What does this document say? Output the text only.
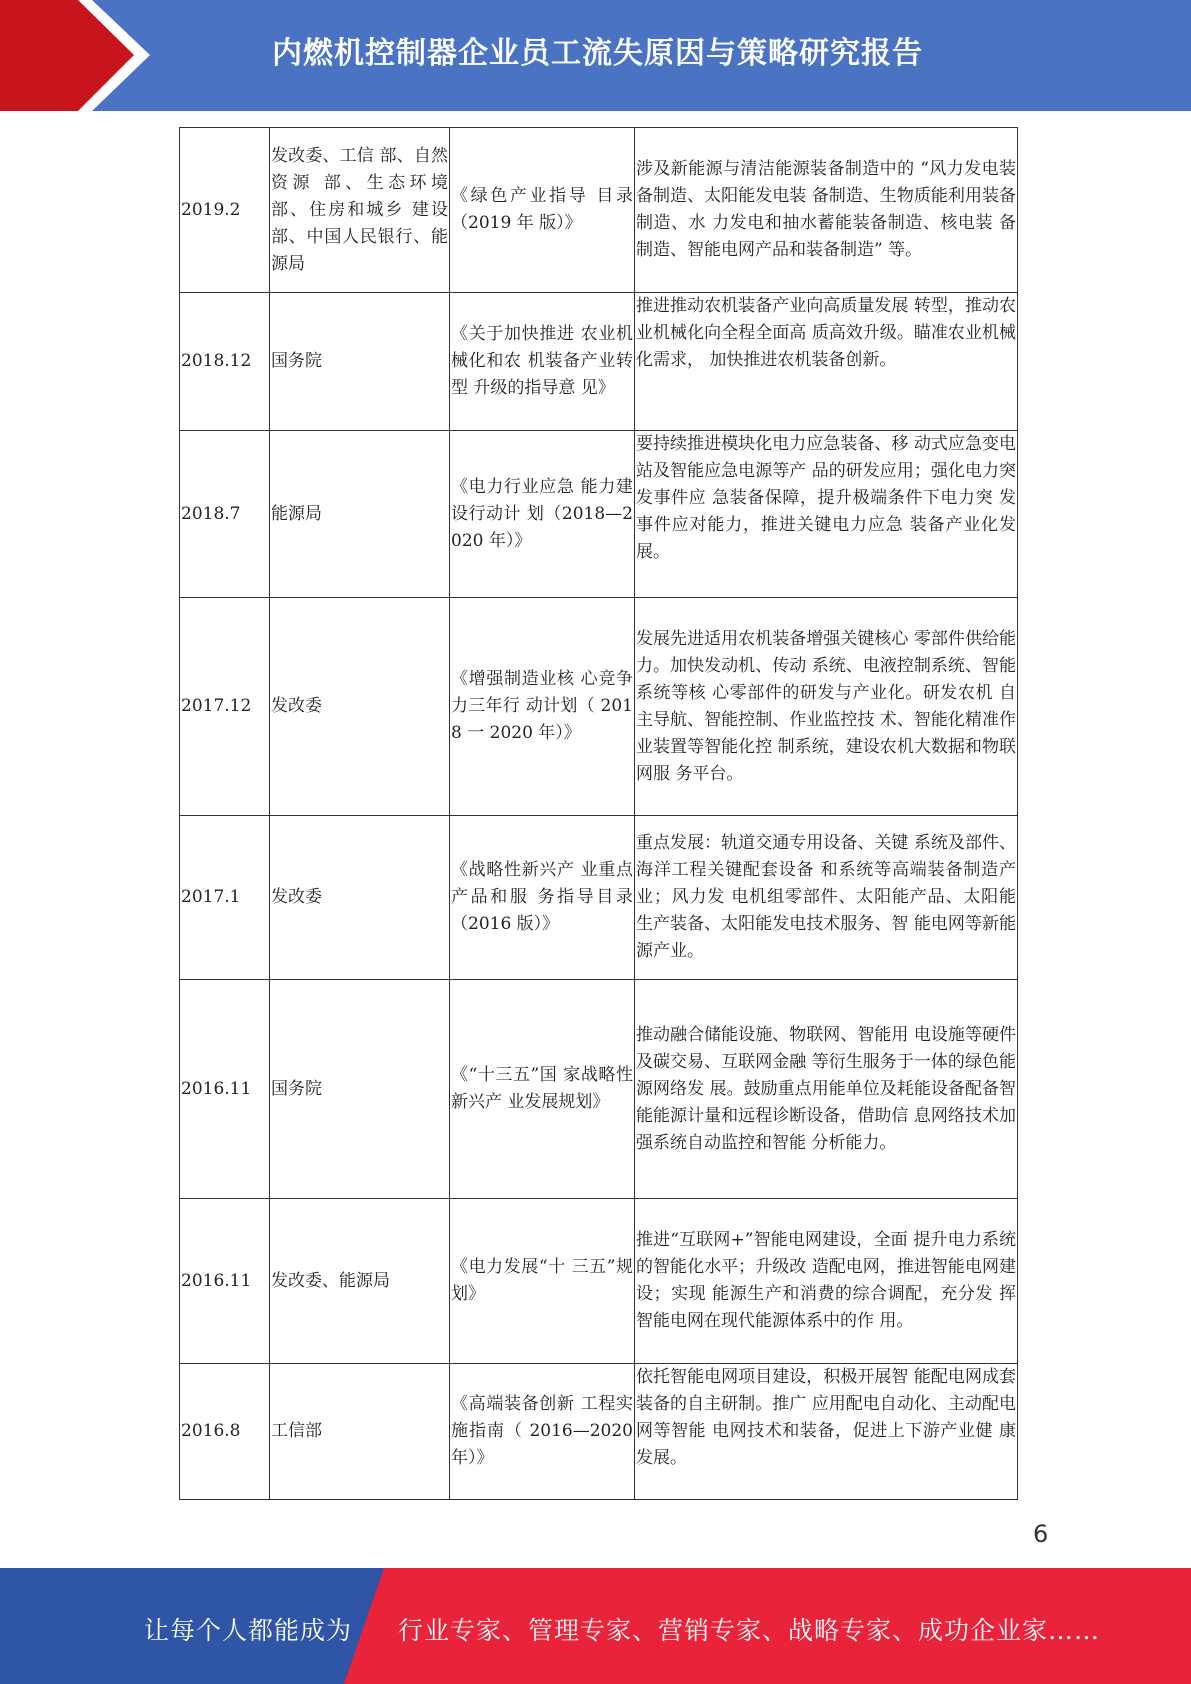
内燃机控制器企业员工流失原因与策略研究报告
2019.2	发改委、工信 部、自然资源 部、生态环境 部、住房和城乡 建设部、中国人民银行、能源局	《绿色产业指导 目录（2019 年 版）》	涉及新能源与清洁能源装备制造中的 “风力发电装备制造、太阳能发电装 备制造、生物质能利用装备制造、水 力发电和抽水蓄能装备制造、核电装 备制造、智能电网产品和装备制造” 等。
2018.12	国务院	《关于加快推进 农业机械化和农 机装备产业转型 升级的指导意 见》	推进推动农机装备产业向高质量发展 转型，推动农业机械化向全程全面高 质高效升级。瞄准农业机械化需求， 加快推进农机装备创新。
2018.7	能源局	《电力行业应急 能力建设行动计 划（2018—2020 年）》	要持续推进模块化电力应急装备、移 动式应急变电站及智能应急电源等产 品的研发应用；强化电力突发事件应 急装备保障，提升极端条件下电力突 发事件应对能力，推进关键电力应急 装备产业化发展。
2017.12	发改委	《增强制造业核 心竞争力三年行 动计划（ 2018 一 2020 年）》	发展先进适用农机装备增强关键核心 零部件供给能力。加快发动机、传动 系统、电液控制系统、智能系统等核 心零部件的研发与产业化。研发农机 自主导航、智能控制、作业监控技 术、智能化精准作业装置等智能化控 制系统，建设农机大数据和物联网服 务平台。
2017.1	发改委	《战略性新兴产 业重点产品和服 务指导目录（2016 版）》	重点发展：轨道交通专用设备、关键 系统及部件、海洋工程关键配套设备 和系统等高端装备制造产业；风力发 电机组零部件、太阳能产品、太阳能 生产装备、太阳能发电技术服务、智 能电网等新能源产业。
2016.11	国务院	《“十三五”国 家战略性新兴产 业发展规划》	推动融合储能设施、物联网、智能用 电设施等硬件及碳交易、互联网金融 等衍生服务于一体的绿色能源网络发 展。鼓励重点用能单位及耗能设备配备智 能能源计量和远程诊断设备，借助信 息网络技术加强系统自动监控和智能 分析能力。
2016.11	发改委、能源局	《电力发展“十 三五”规划》	推进“互联网+”智能电网建设，全面 提升电力系统的智能化水平；升级改 造配电网，推进智能电网建设；实现 能源生产和消费的综合调配，充分发 挥智能电网在现代能源体系中的作 用。
2016.8	工信部	《高端装备创新 工程实施指南（ 2016—2020 年）》	依托智能电网项目建设，积极开展智 能配电网成套装备的自主研制。推广 应用配电自动化、主动配电网等智能 电网技术和装备，促进上下游产业健 康发展。
6
让每个人都能成为 行业专家、管理专家、营销专家、战略专家、成功企业家……
